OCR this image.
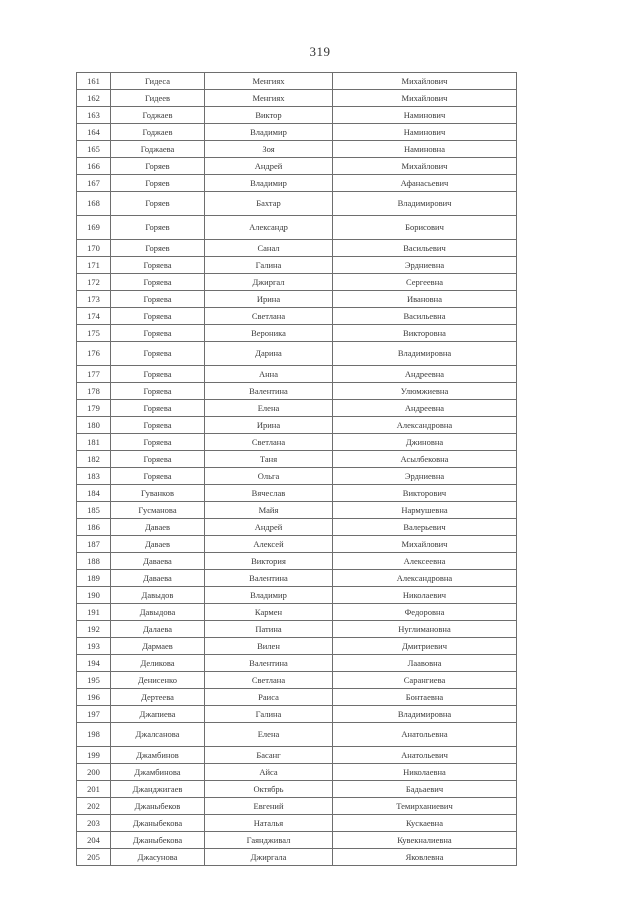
319
161	Гидеса	Менгиях	Михайлович
162	Гидеев	Менгиях	Михайлович
163	Годжаев	Виктор	Наминович
164	Годжаев	Владимир	Наминович
165	Годжаева	Зоя	Наминовна
166	Горяев	Андрей	Михайлович
167	Горяев	Владимир	Афанасьевич
168	Горяев	Бахтар	Владимирович
169	Горяев	Александр	Борисович
170	Горяев	Санал	Васильевич
171	Горяева	Галина	Эрдниевна
172	Горяева	Джиргал	Сергеевна
173	Горяева	Ирина	Ивановна
174	Горяева	Светлана	Васильевна
175	Горяева	Вероника	Викторовна
176	Горяева	Дарина	Владимировна
177	Горяева	Анна	Андреевна
178	Горяева	Валентина	Улюмжиевна
179	Горяева	Елена	Андреевна
180	Горяева	Ирина	Александровна
181	Горяева	Светлана	Джиновна
182	Горяева	Таня	Асылбековна
183	Горяева	Ольга	Эрдниевна
184	Гуванков	Вячеслав	Викторович
185	Гусманова	Майя	Нармушевна
186	Даваев	Андрей	Валерьевич
187	Даваев	Алексей	Михайлович
188	Даваева	Виктория	Алексеевна
189	Даваева	Валентина	Александровна
190	Давыдов	Владимир	Николаевич
191	Давыдова	Кармен	Федоровна
192	Далаева	Патина	Нуглимановна
193	Дармаев	Вилен	Дмитриевич
194	Деликова	Валентина	Лаавовна
195	Денисенко	Светлана	Сарангиева
196	Дертеева	Раиса	Бонтаевна
197	Джапиева	Галина	Владимировна
198	Джалсанова	Елена	Анатольевна
199	Джамбинов	Басанг	Анатольевич
200	Джамбинова	Айса	Николаевна
201	Джанджигаев	Октябрь	Бадьаевич
202	Джаныбеков	Евгений	Темирханиевич
203	Джаныбекова	Наталья	Кускаевна
204	Джаныбекова	Гаяндживал	Кувекналиевна
205	Джасунова	Джиргала	Яковлевна
